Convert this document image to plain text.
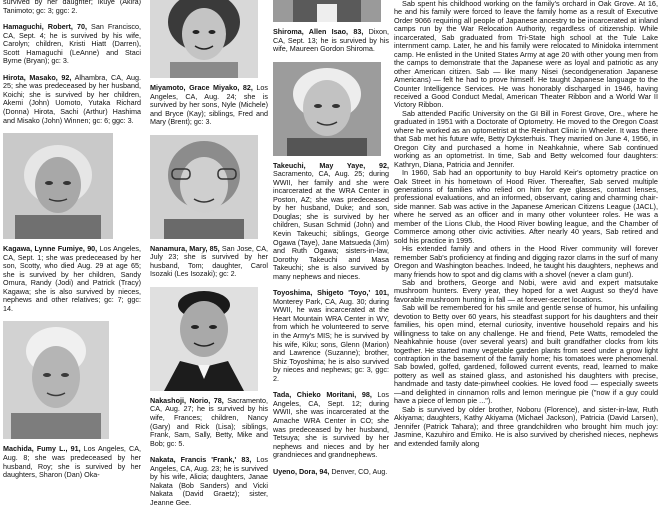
survived by her daughter; Ikuye (Akira) Tanimoto; gc: 3; ggc: 2.
Hamaguchi, Robert, 70, San Francisco, CA, Sept. 4; he is survived by his wife, Carolyn; children, Kristi Hiatt (Darren), Scott Hamaguchi (LeAnne) and Staci Byrne (Bryan); gc: 3.
Hirota, Masako, 92, Alhambra, CA, Aug. 25; she was predeceased by her husband, Koichi; she is survived by her children, Akemi (John) Uomoto, Yutaka Richard (Donna) Hirota, Sachi (Arthur) Hashima and Misako (John) Winnen; gc: 6; ggc: 3.
Kagawa, Lynne Fumiye, 90, Los Angeles, CA, Sept. 1; she was predeceased by her son, Scotty, who died Aug. 29 at age 65; she is survived by her children, Sandy Omura, Randy (Jodi) and Patrick (Tracy) Kagawa; she is also survived by nieces, nephews and other relatives; gc: 7; ggc: 14.
Machida, Fumy L., 91, Los Angeles, CA, Aug. 8; she was predeceased by her husband, Roy; she is survived by her daughters, Sharon (Dan) Oka-
Miyamoto, Grace Miyako, 82, Los Angeles, CA, Aug. 24; she is survived by her sons, Nyle (Michele) and Bryce (Kay); siblings, Fred and Mary (Brent); gc: 3.
Nanamura, Mary, 85, San Jose, CA, July 23; she is survived by her husband, Tom; daughter, Carol Isozaki (Les Isozaki); gc: 2.
Nakashoji, Norio, 78, Sacramento, CA, Aug. 27; he is survived by his wife, Frances; children, Nancy (Gary) and Rick (Lisa); siblings, Frank, Sam, Sally, Betty, Mike and Bob; gc: 5.
Nakata, Francis 'Frank,' 83, Los Angeles, CA, Aug. 23; he is survived by his wife, Alicia; daughters, Janae Nakata (Bob Sanders) and Vicki Nakata (David Graetz); sister, Jeanne Gee.
Shiroma, Allen Isao, 83, Dixon, CA, Sept. 13; he is survived by his wife, Maureen Gordon Shiroma.
Takeuchi, May Yaye, 92, Sacramento, CA, Aug. 25; during WWII, her family and she were incarcerated at the WRA Center in Poston, AZ; she was predeceased by her husband, Duke; and son, Douglas; she is survived by her children, Susan Schmid (John) and Kevin Takeuchi; siblings, George Ogawa (Taye), Jane Matsueda (Jim) and Ruth Ogawa; sisters-in-law, Dorothy Takeuchi and Masa Takeuchi; she is also survived by many nephews and nieces.
Toyoshima, Shigeto 'Toyo,' 101, Monterey Park, CA, Aug. 30; during WWII, he was incarcerated at the Heart Mountain WRA Center in WY, from which he volunteered to serve in the Army's MIS; he is survived by his wife, Kiku; sons, Glenn (Marion) and Lawrence (Suzanne); brother, Shiz Toyoshima; he is also survived by nieces and nephews; gc: 3, ggc: 2.
Tada, Chieko Moritani, 98, Los Angeles, CA, Sept. 12; during WWII, she was incarcerated at the Amache WRA Center in CO; she was predeceased by her husband, Tetsuya; she is survived by her nephews and nieces and by her grandnieces and grandnephews.
Uyeno, Dora, 94, Denver, CO, Aug.

Sab spent his childhood working on the family's orchard in Oak Grove. At 16, he and his family were forced to leave the family home as a result of Executive Order 9066 requiring all people of Japanese ancestry to be incarcerated at inland camps run by the War Relocation Authority, regardless of citizenship. While incarcerated, Sab graduated from Tri-State high school at the Tule Lake internment camp. Later, he and his family were relocated to Minidoka internment camp. He enlisted in the United States Army at age 20 with other young men from the camps to demonstrate that the Japanese were as loyal and patriotic as any other American citizen. Sab — like many Nisei (secondgeneration Japanese Americans) — felt he had to prove himself. He taught Japanese language to the Counter Intelligence Services. He was honorably discharged in 1946, having received a Good Conduct Medal, American Theater Ribbon and a World War II Victory Ribbon.

Sab attended Pacific University on the GI Bill in Forest Grove, Ore., where he graduated in 1951 with a Doctorate of Optometry. He moved to the Oregon Coast where he worked as an optometrist at the Reinhart Clinic in Wheeler. It was there that Sab met his future wife, Betty Dyksterhuis. They married on June 4, 1956, in Oregon City and purchased a home in Neahkahnie, where Sab continued working as an optometrist. In time, Sab and Betty welcomed four daughters: Kathryn, Diana, Patricia and Jennifer.

In 1960, Sab had an opportunity to buy Harold Keir's optometry practice on Oak Street in his hometown of Hood River. Thereafter, Sab served multiple generations of families who relied on him for eye glasses, contact lenses, professional evaluations, and an informed, observant, caring and charming chair-side manner. Sab was active in the Japanese American Citizens League (JACL), where he served as an officer and in many other volunteer roles. He was a member of the Lions Club, the Hood River bowling league, and the Chamber of Commerce among other civic activities. After nearly 40 years, Sab retired and sold his practice in 1995.

His extended family and others in the Hood River community will forever remember Sab's proficiency at finding and digging razor clams in the surf of many Oregon and Washington beaches. Indeed, he taught his daughters, nephews and many friends how to spot and dig clams with a shovel (never a clam gun!).

Sab and brothers, George and Nobi, were avid and expert matsutake mushroom hunters. Every year, they hoped for a wet August so they'd have favorable mushroom hunting in fall — at forever-secret locations.

Sab will be remembered for his smile and gentle sense of humor, his unfailing devotion to Betty over 60 years, his steadfast support for his daughters and their families, his open mind, eternal curiosity, inventive household repairs and his willingness to take on any challenge. He and friend, Pete Watts, remodeled the Neahkahnie house (over several years) and built grandfather clocks from kits together. He started many vegetable garden plants from seed under a grow light contraption in the basement of the family home; his tomatoes were phenomenal. Sab bowled, golfed, gardened, followed current events, read, learned to make pottery as well as stained glass, and astonished his daughters with precise, handmade and tasty date-pinwheel cookies. He loved food — especially sweets —and delighted in cinnamon rolls and lemon meringue pie ("now if a guy could have a piece of lemon pie ...").

Sab is survived by older brother, Noboru (Florence), and sister-in-law, Ruth Akiyama; daughters, Kathy Akiyama (Michael Jackson), Patricia (David Larsen), Jennifer (Patrick Tahara); and three grandchildren who brought him much joy: Jasmine, Kazuhiro and Emiko. He is also survived by cherished nieces, nephews and extended family along
